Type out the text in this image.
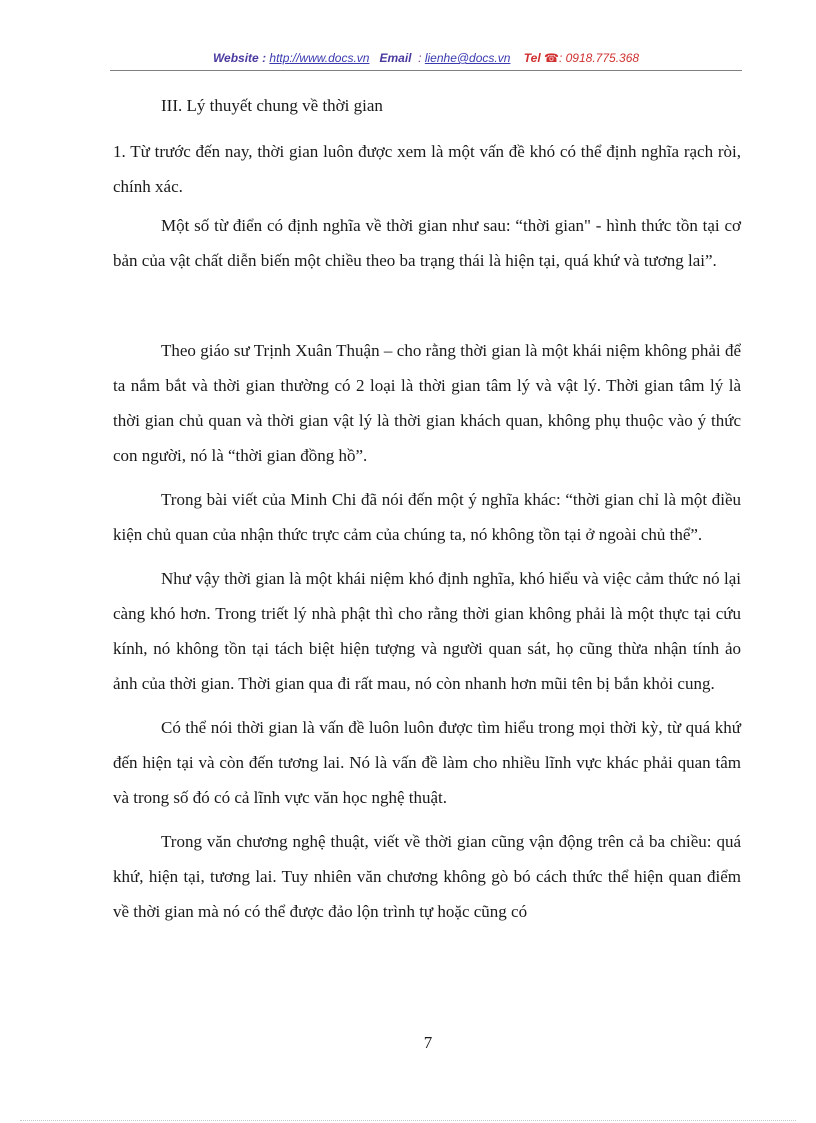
Website : http://www.docs.vn Email : lienhe@docs.vn Tel ☎: 0918.775.368

III. Lý thuyết chung về thời gian

1. Từ trước đến nay, thời gian luôn được xem là một vấn đề khó có thể định nghĩa rạch ròi, chính xác.

Một số từ điển có định nghĩa về thời gian như sau: “thời gian" - hình thức tồn tại cơ bản của vật chất diễn biến một chiều theo ba trạng thái là hiện tại, quá khứ và tương lai”.

Theo giáo sư Trịnh Xuân Thuận – cho rằng thời gian là một khái niệm không phải để ta nắm bắt và thời gian thường có 2 loại là thời gian tâm lý và vật lý. Thời gian tâm lý là thời gian chủ quan và thời gian vật lý là thời gian khách quan, không phụ thuộc vào ý thức con người, nó là “thời gian đồng hồ”.

Trong bài viết của Minh Chi đã nói đến một ý nghĩa khác: “thời gian chỉ là một điều kiện chủ quan của nhận thức trực cảm của chúng ta, nó không tồn tại ở ngoài chủ thể”.

Như vậy thời gian là một khái niệm khó định nghĩa, khó hiểu và việc cảm thức nó lại càng khó hơn. Trong triết lý nhà phật thì cho rằng thời gian không phải là một thực tại cứu kính, nó không tồn tại tách biệt hiện tượng và người quan sát, họ cũng thừa nhận tính ảo ảnh của thời gian. Thời gian qua đi rất mau, nó còn nhanh hơn mũi tên bị bắn khỏi cung.

Có thể nói thời gian là vấn đề luôn luôn được tìm hiểu trong mọi thời kỳ, từ quá khứ đến hiện tại và còn đến tương lai. Nó là vấn đề làm cho nhiều lĩnh vực khác phải quan tâm và trong số đó có cả lĩnh vực văn học nghệ thuật.

Trong văn chương nghệ thuật, viết về thời gian cũng vận động trên cả ba chiều: quá khứ, hiện tại, tương lai. Tuy nhiên văn chương không gò bó cách thức thể hiện quan điểm về thời gian mà nó có thể được đảo lộn trình tự hoặc cũng có

7
